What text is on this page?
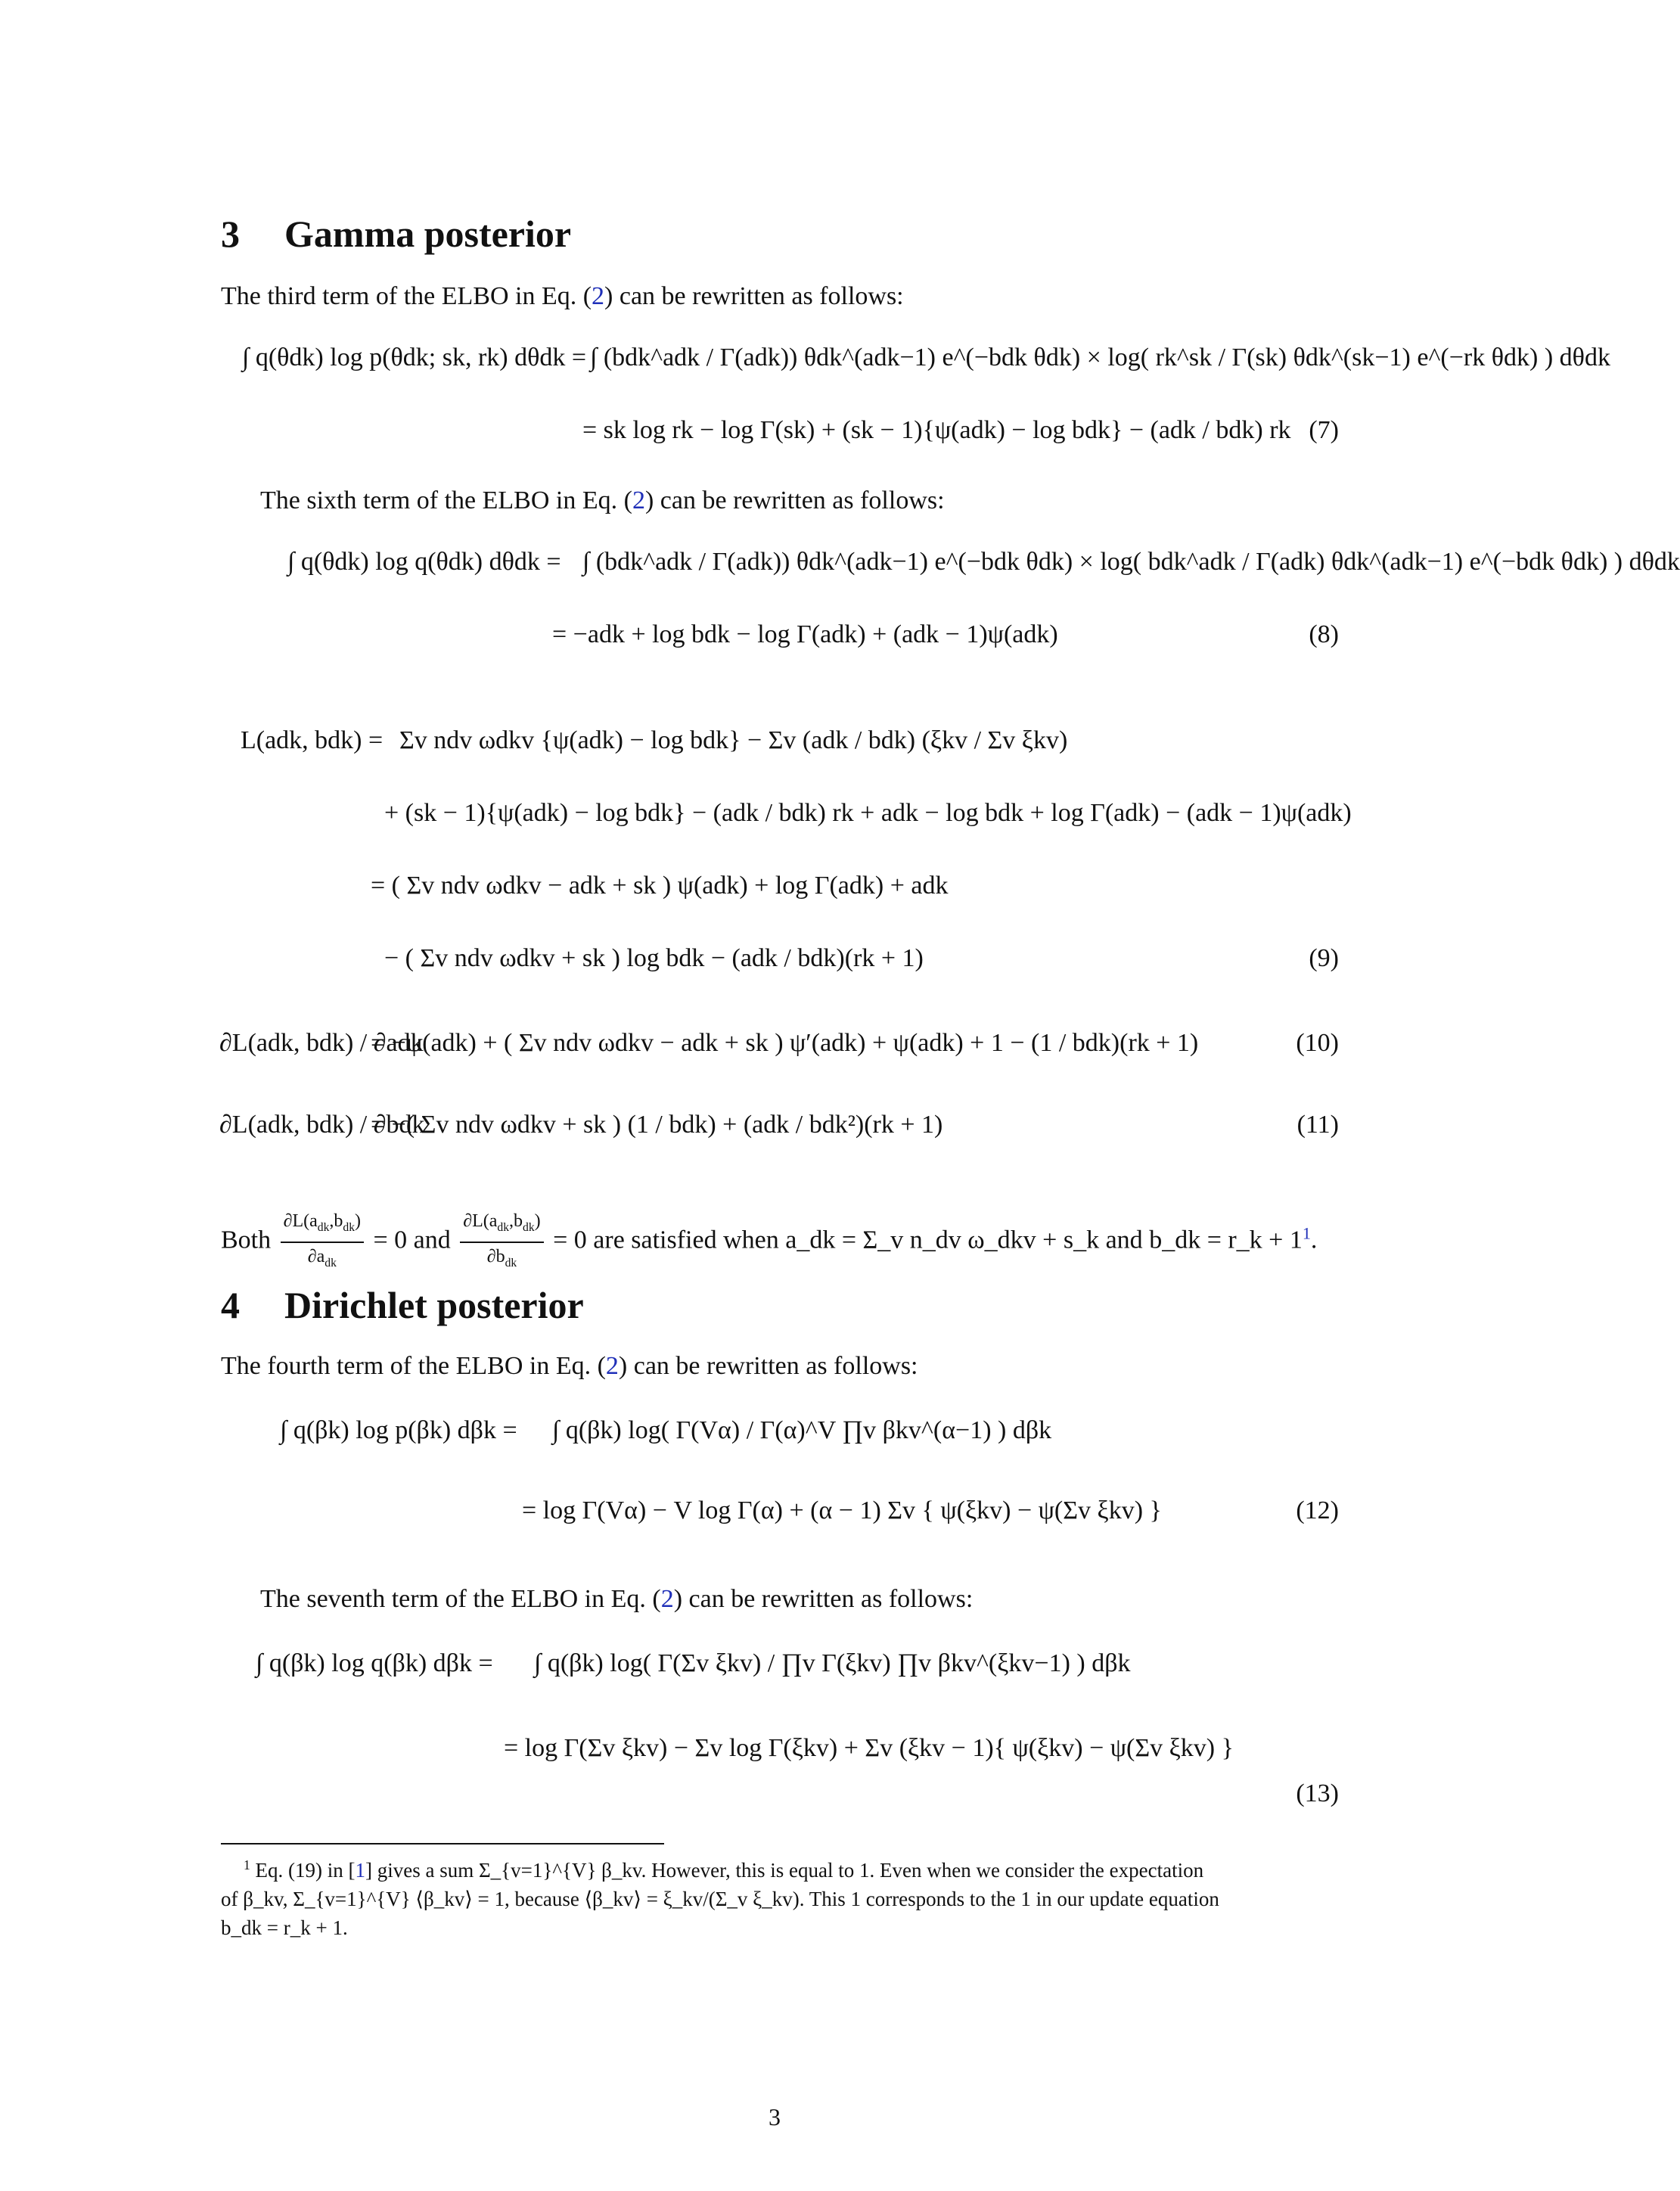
3 Gamma posterior

The third term of the ELBO in Eq. (2) can be rewritten as follows:

∫ q(θdk) log p(θdk; sk, rk) dθdk = ∫ (bdk^adk / Γ(adk)) θdk^(adk−1) e^(−bdk θdk) × log( rk^sk / Γ(sk) θdk^(sk−1) e^(−rk θdk) ) dθdk
= sk log rk − log Γ(sk) + (sk − 1){ψ(adk) − log bdk} − (adk / bdk) rk (7)

The sixth term of the ELBO in Eq. (2) can be rewritten as follows:

∫ q(θdk) log q(θdk) dθdk = ∫ (bdk^adk / Γ(adk)) θdk^(adk−1) e^(−bdk θdk) × log( bdk^adk / Γ(adk) θdk^(adk−1) e^(−bdk θdk) ) dθdk
= −adk + log bdk − log Γ(adk) + (adk − 1)ψ(adk)	(8)
L(adk, bdk) = Σv ndv ωdkv {ψ(adk) − log bdk} − Σv (adk / bdk) (ξkv / Σv ξkv)
+ (sk − 1){ψ(adk) − log bdk} − (adk / bdk) rk + adk − log bdk + log Γ(adk) − (adk − 1)ψ(adk)
= ( Σv ndv ωdkv − adk + sk ) ψ(adk) + log Γ(adk) + adk
− ( Σv ndv ωdkv + sk ) log bdk − (adk / bdk)(rk + 1)	(9)
∂L(adk, bdk) / ∂adk
= −ψ(adk) + ( Σv ndv ωdkv − adk + sk ) ψ′(adk) + ψ(adk) + 1 − (1 / bdk)(rk + 1)	(10)
∂L(adk, bdk) / ∂bdk
= −( Σv ndv ωdkv + sk ) (1 / bdk) + (adk / bdk²)(rk + 1)	(11)

Both $\frac{\partial L(a_{dk},b_{dk})}{\partial a_{dk}} = 0$ and $\frac{\partial L(a_{dk},b_{dk})}{\partial b_{dk}} = 0$ are satisfied when a_dk = Σ_v n_dv ω_dkv + s_k and b_dk = r_k + 1$^1$.

4 Dirichlet posterior

The fourth term of the ELBO in Eq. (2) can be rewritten as follows:

∫ q(βk) log p(βk) dβk = ∫ q(βk) log( Γ(Vα) / Γ(α)^V ∏v βkv^(α−1) ) dβk
= log Γ(Vα) − V log Γ(α) + (α − 1) Σv { ψ(ξkv) − ψ(Σv ξkv) }	(12)

The seventh term of the ELBO in Eq. (2) can be rewritten as follows:

∫ q(βk) log q(βk) dβk = ∫ q(βk) log( Γ(Σv ξkv) / ∏v Γ(ξkv) ∏v βkv^(ξkv−1) ) dβk
= log Γ(Σv ξkv) − Σv log Γ(ξkv) + Σv (ξkv − 1){ ψ(ξkv) − ψ(Σv ξkv) }
(13)
$^1$ Eq. (19) in [1] gives a sum Σ_{v=1}^{V} β_kv. However, this is equal to 1. Even when we consider the expectation
of β_kv, Σ_{v=1}^{V} ⟨β_kv⟩ = 1, because ⟨β_kv⟩ = ξ_kv/(Σ_v ξ_kv). This 1 corresponds to the 1 in our update equation
b_dk = r_k + 1.
3
